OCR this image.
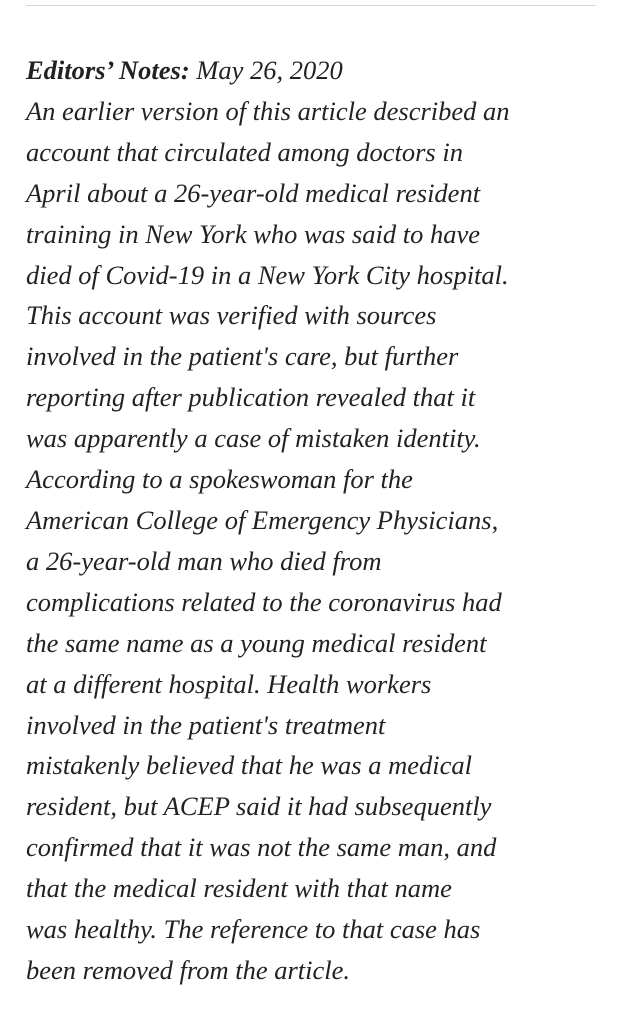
Editors’ Notes: May 26, 2020
An earlier version of this article described an
account that circulated among doctors in
April about a 26-year-old medical resident
training in New York who was said to have
died of Covid-19 in a New York City hospital.
This account was verified with sources
involved in the patient's care, but further
reporting after publication revealed that it
was apparently a case of mistaken identity.
According to a spokeswoman for the
American College of Emergency Physicians,
a 26-year-old man who died from
complications related to the coronavirus had
the same name as a young medical resident
at a different hospital. Health workers
involved in the patient's treatment
mistakenly believed that he was a medical
resident, but ACEP said it had subsequently
confirmed that it was not the same man, and
that the medical resident with that name
was healthy. The reference to that case has
been removed from the article.
